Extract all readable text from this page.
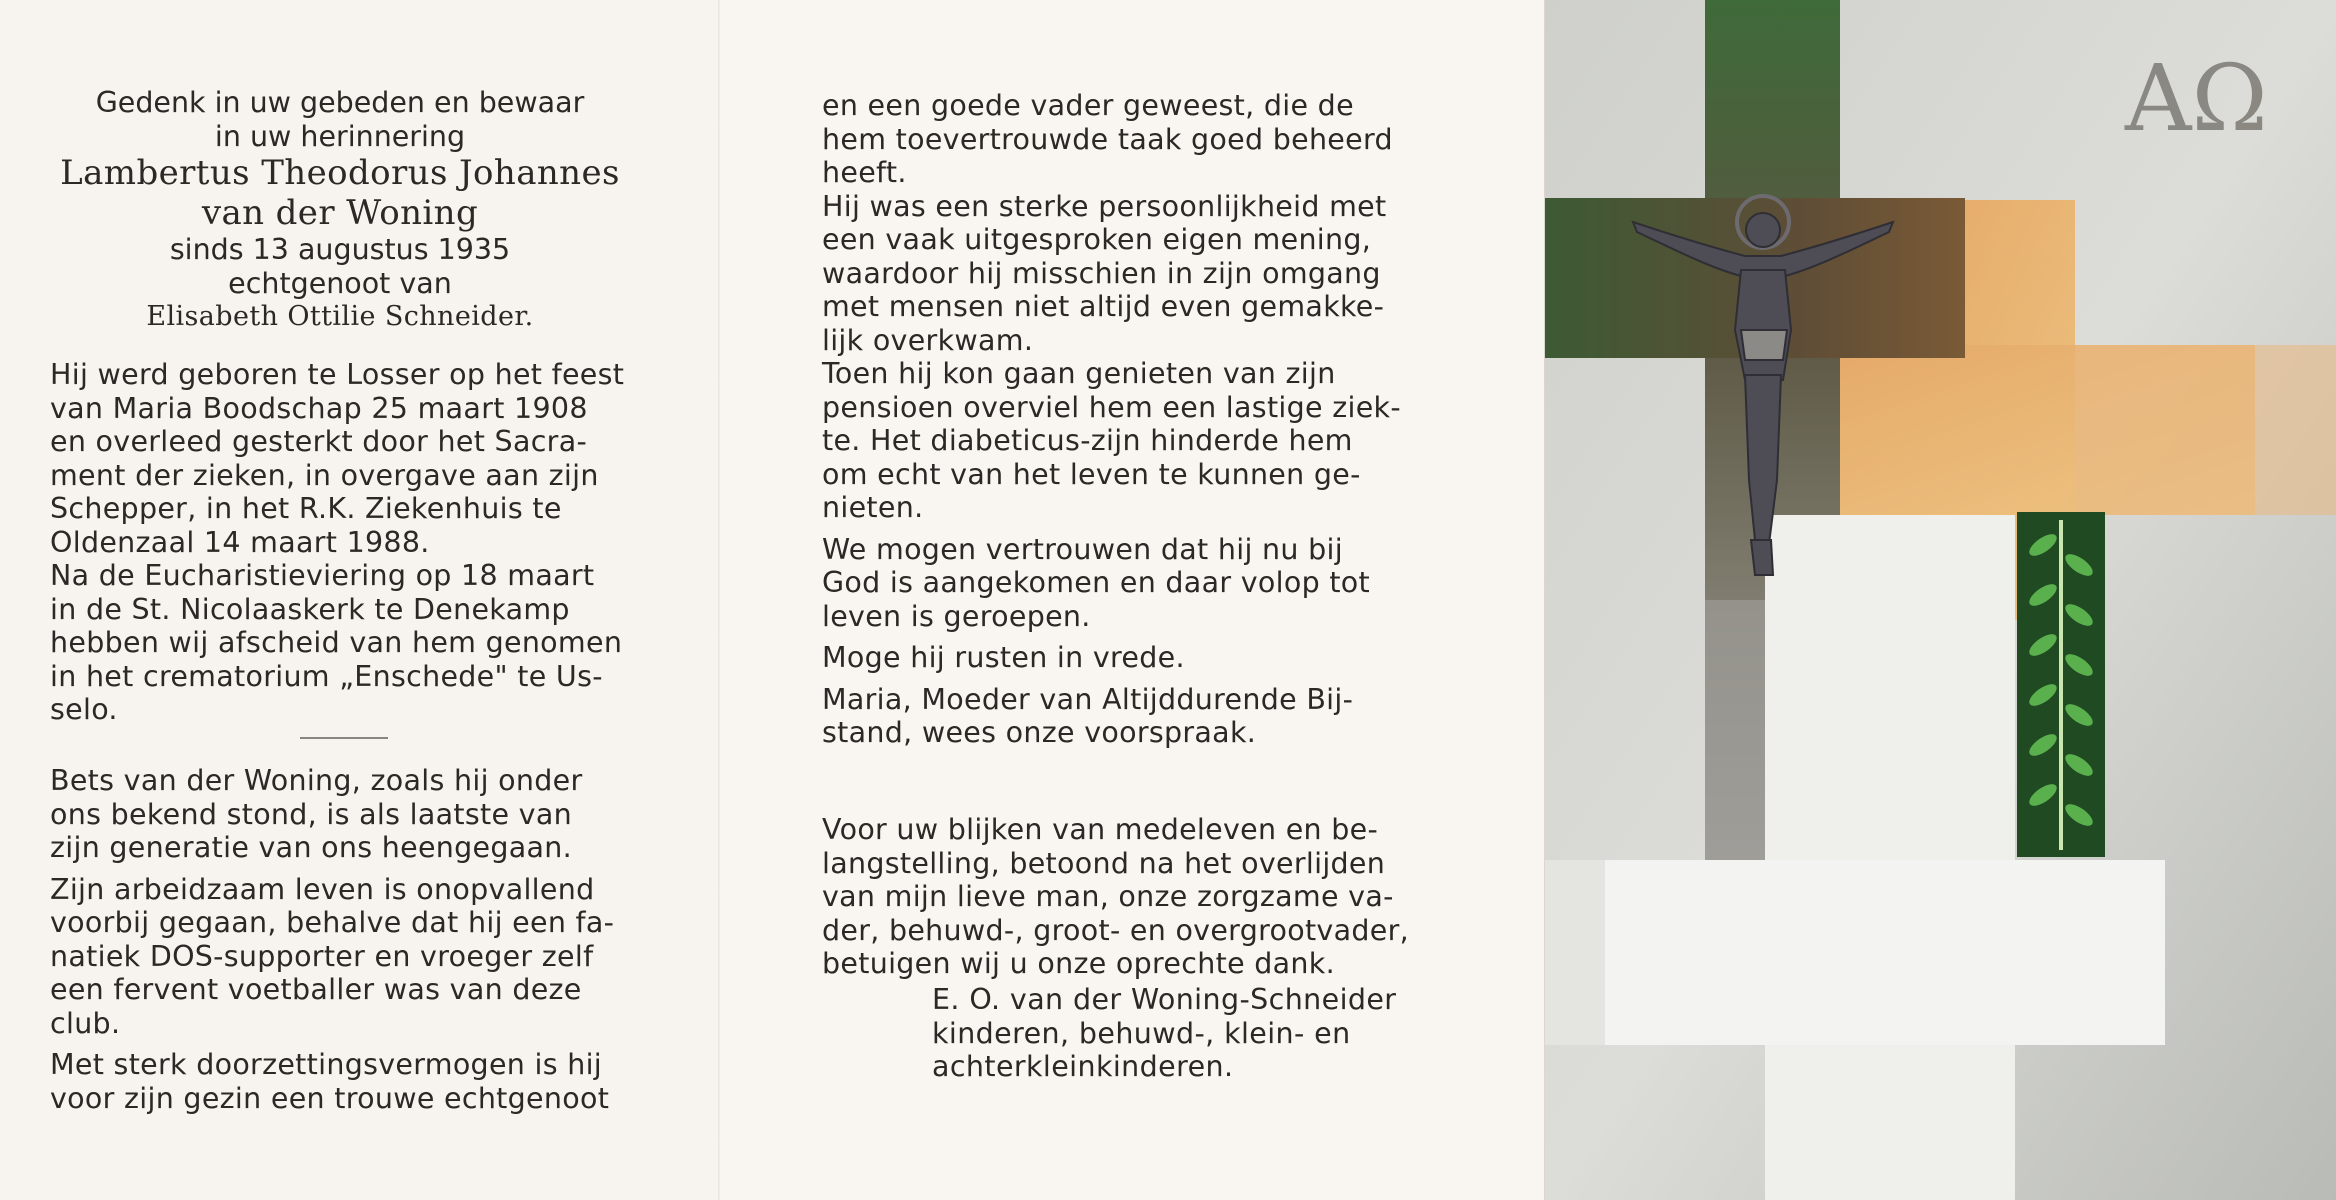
Gedenk in uw gebeden en bewaar

in uw herinnering

Lambertus Theodorus Johannes

van der Woning

sinds 13 augustus 1935

echtgenoot van

Elisabeth Ottilie Schneider.

Hij werd geboren te Losser op het feest

van Maria Boodschap 25 maart 1908

en overleed gesterkt door het Sacra-

ment der zieken, in overgave aan zijn

Schepper, in het R.K. Ziekenhuis te

Oldenzaal 14 maart 1988.

Na de Eucharistieviering op 18 maart

in de St. Nicolaaskerk te Denekamp

hebben wij afscheid van hem genomen

in het crematorium „Enschede" te Us-

selo.

Bets van der Woning, zoals hij onder

ons bekend stond, is als laatste van

zijn generatie van ons heengegaan.

Zijn arbeidzaam leven is onopvallend

voorbij gegaan, behalve dat hij een fa-

natiek DOS-supporter en vroeger zelf

een fervent voetballer was van deze

club.

Met sterk doorzettingsvermogen is hij

voor zijn gezin een trouwe echtgenoot

en een goede vader geweest, die de

hem toevertrouwde taak goed beheerd

heeft.

Hij was een sterke persoonlijkheid met

een vaak uitgesproken eigen mening,

waardoor hij misschien in zijn omgang

met mensen niet altijd even gemakke-

lijk overkwam.

Toen hij kon gaan genieten van zijn

pensioen overviel hem een lastige ziek-

te. Het diabeticus-zijn hinderde hem

om echt van het leven te kunnen ge-

nieten.

We mogen vertrouwen dat hij nu bij

God is aangekomen en daar volop tot

leven is geroepen.

Moge hij rusten in vrede.

Maria, Moeder van Altijddurende Bij-

stand, wees onze voorspraak.

Voor uw blijken van medeleven en be-

langstelling, betoond na het overlijden

van mijn lieve man, onze zorgzame va-

der, behuwd-, groot- en overgrootvader,

betuigen wij u onze oprechte dank.

E. O. van der Woning-Schneider

kinderen, behuwd-, klein- en

achterkleinkinderen.

AΩ
